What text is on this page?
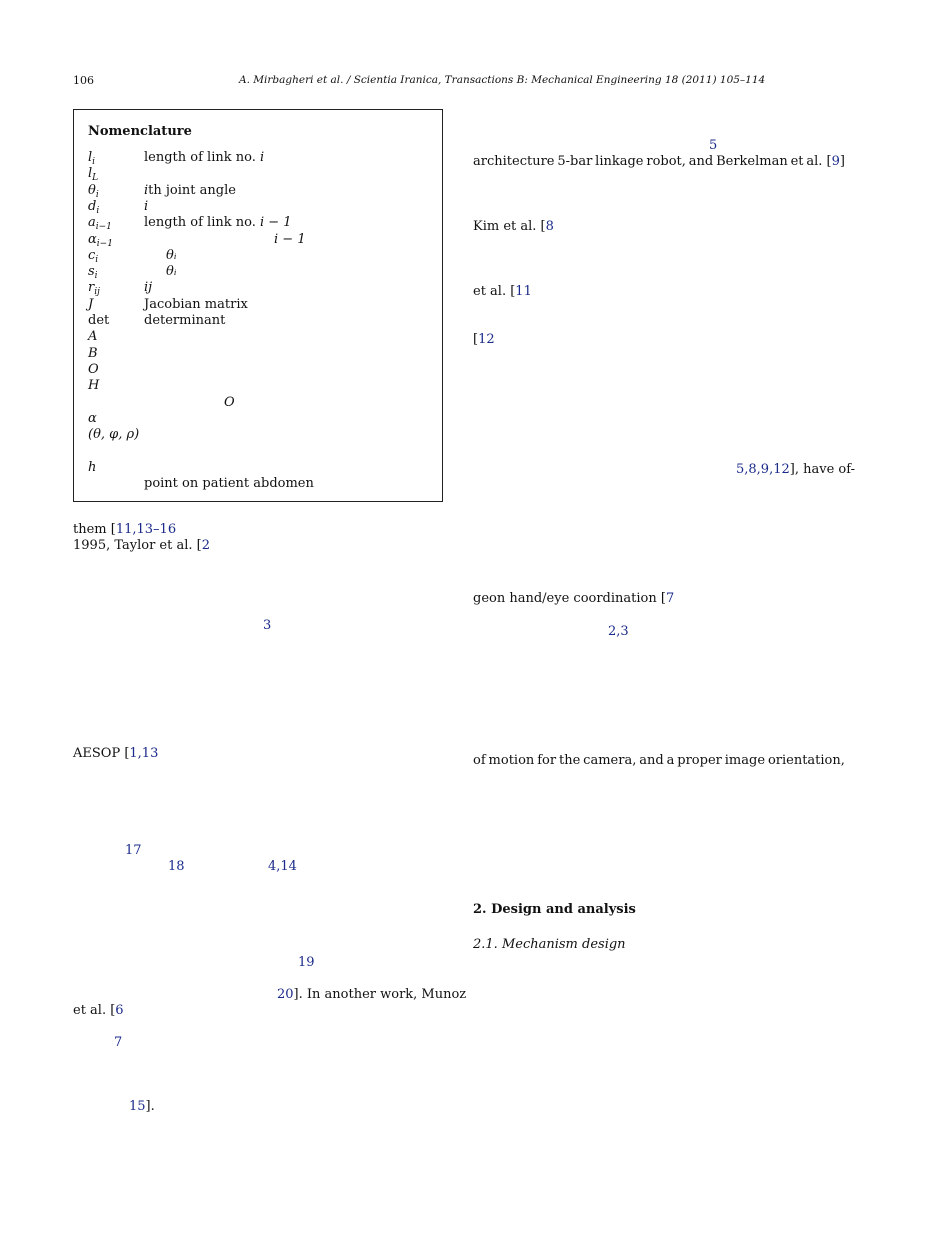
106	A. Mirbagheri et al. / Scientia Iranica, Transactions B: Mechanical Engineering 18 (2011) 105–114
Nomenclature
$l_i$	length of link no. i
$l_L$
$\theta_i$	ith joint angle
$d_i$	i
$a_{i-1}$ length of link no. i − 1
$\alpha_{i-1}$	i − 1
$c_i$	θᵢ
$s_i$	θᵢ
$r_{ij}$	ij
J	Jacobian matrix
det	determinant
A
B
O
H
O
α
(θ, φ, ρ)
h
point on patient abdomen
them [11,13–16
1995, Taylor et al. [2
3
AESOP [1,13
17
18	4,14
19
20]. In another work, Munoz
et al. [6
7
15].
5
architecture 5-bar linkage robot, and Berkelman et al. [9]
Kim et al. [8
et al. [11
[12
5,8,9,12], have of-
geon hand/eye coordination [7
2,3
of motion for the camera, and a proper image orientation,
2. Design and analysis
2.1. Mechanism design
